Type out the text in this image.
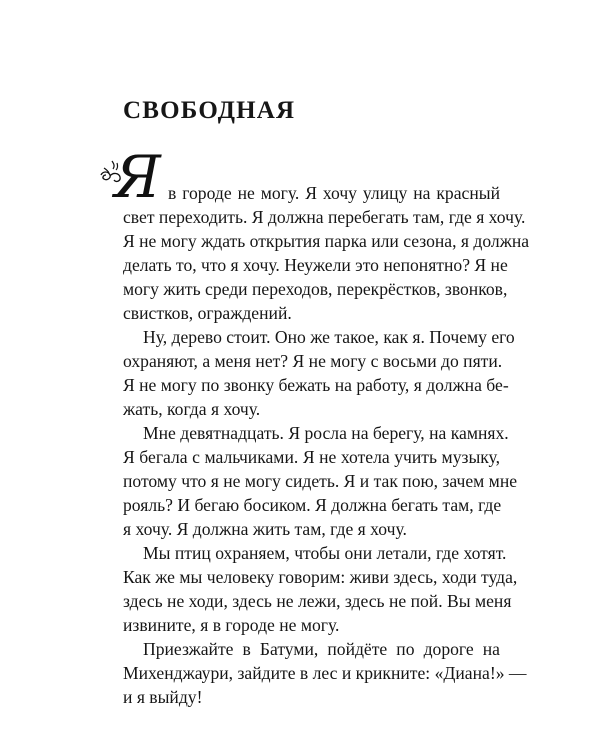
СВОБОДНАЯ
Я в городе не могу. Я хочу улицу на красный

свет переходить. Я должна перебегать там, где я хочу.

Я не могу ждать открытия парка или сезона, я должна

делать то, что я хочу. Неужели это непонятно? Я не

могу жить среди переходов, перекрёстков, звонков,

свистков, ограждений.

Ну, дерево стоит. Оно же такое, как я. Почему его

охраняют, а меня нет? Я не могу с восьми до пяти.

Я не могу по звонку бежать на работу, я должна бе-

жать, когда я хочу.

Мне девятнадцать. Я росла на берегу, на камнях.

Я бегала с мальчиками. Я не хотела учить музыку,

потому что я не могу сидеть. Я и так пою, зачем мне

рояль? И бегаю босиком. Я должна бегать там, где

я хочу. Я должна жить там, где я хочу.

Мы птиц охраняем, чтобы они летали, где хотят.

Как же мы человеку говорим: живи здесь, ходи туда,

здесь не ходи, здесь не лежи, здесь не пой. Вы меня

извините, я в городе не могу.

Приезжайте в Батуми, пойдёте по дороге на

Михенджаури, зайдите в лес и крикните: «Диана!» —

и я выйду!
